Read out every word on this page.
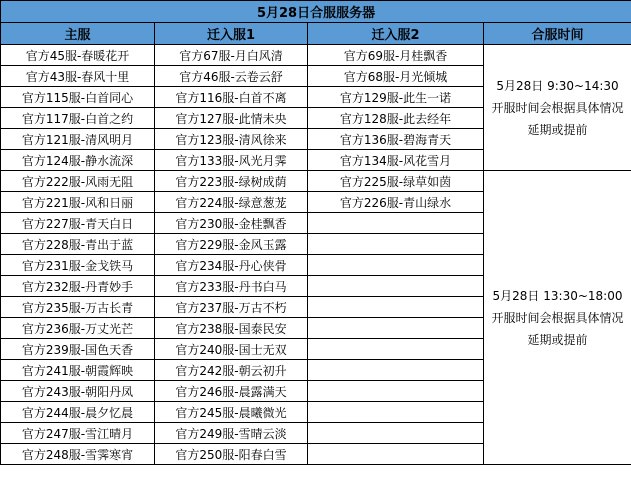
5月28日合服服务器			
主服	迁入服1	迁入服2	合服时间
官方45服-春暖花开	官方67服-月白风清	官方69服-月桂飘香	5月28日 9:30~14:30
开服时间会根据具体情况
延期或提前

官方43服-春风十里	官方46服-云卷云舒	官方68服-月光倾城	
官方115服-白首同心	官方116服-白首不离	官方129服-此生一诺	
官方117服-白首之约	官方127服-此情未央	官方128服-此去经年	
官方121服-清风明月	官方123服-清风徐来	官方136服-碧海青天	
官方124服-静水流深	官方133服-风光月霁	官方134服-风花雪月	
官方222服-风雨无阻	官方223服-绿树成荫	官方225服-绿草如茵	5月28日 13:30~18:00
开服时间会根据具体情况
延期或提前

官方221服-风和日丽	官方224服-绿意葱茏	官方226服-青山绿水	
官方227服-青天白日	官方230服-金桂飘香		
官方228服-青出于蓝	官方229服-金风玉露		
官方231服-金戈铁马	官方234服-丹心侠骨		
官方232服-丹青妙手	官方233服-丹书白马		
官方235服-万古长青	官方237服-万古不朽		
官方236服-万丈光芒	官方238服-国泰民安		
官方239服-国色天香	官方240服-国士无双		
官方241服-朝霞辉映	官方242服-朝云初升		
官方243服-朝阳丹凤	官方246服-晨露满天		
官方244服-晨夕忆晨	官方245服-晨曦微光		
官方247服-雪江晴月	官方249服-雪晴云淡		
官方248服-雪霁寒宵	官方250服-阳春白雪		
